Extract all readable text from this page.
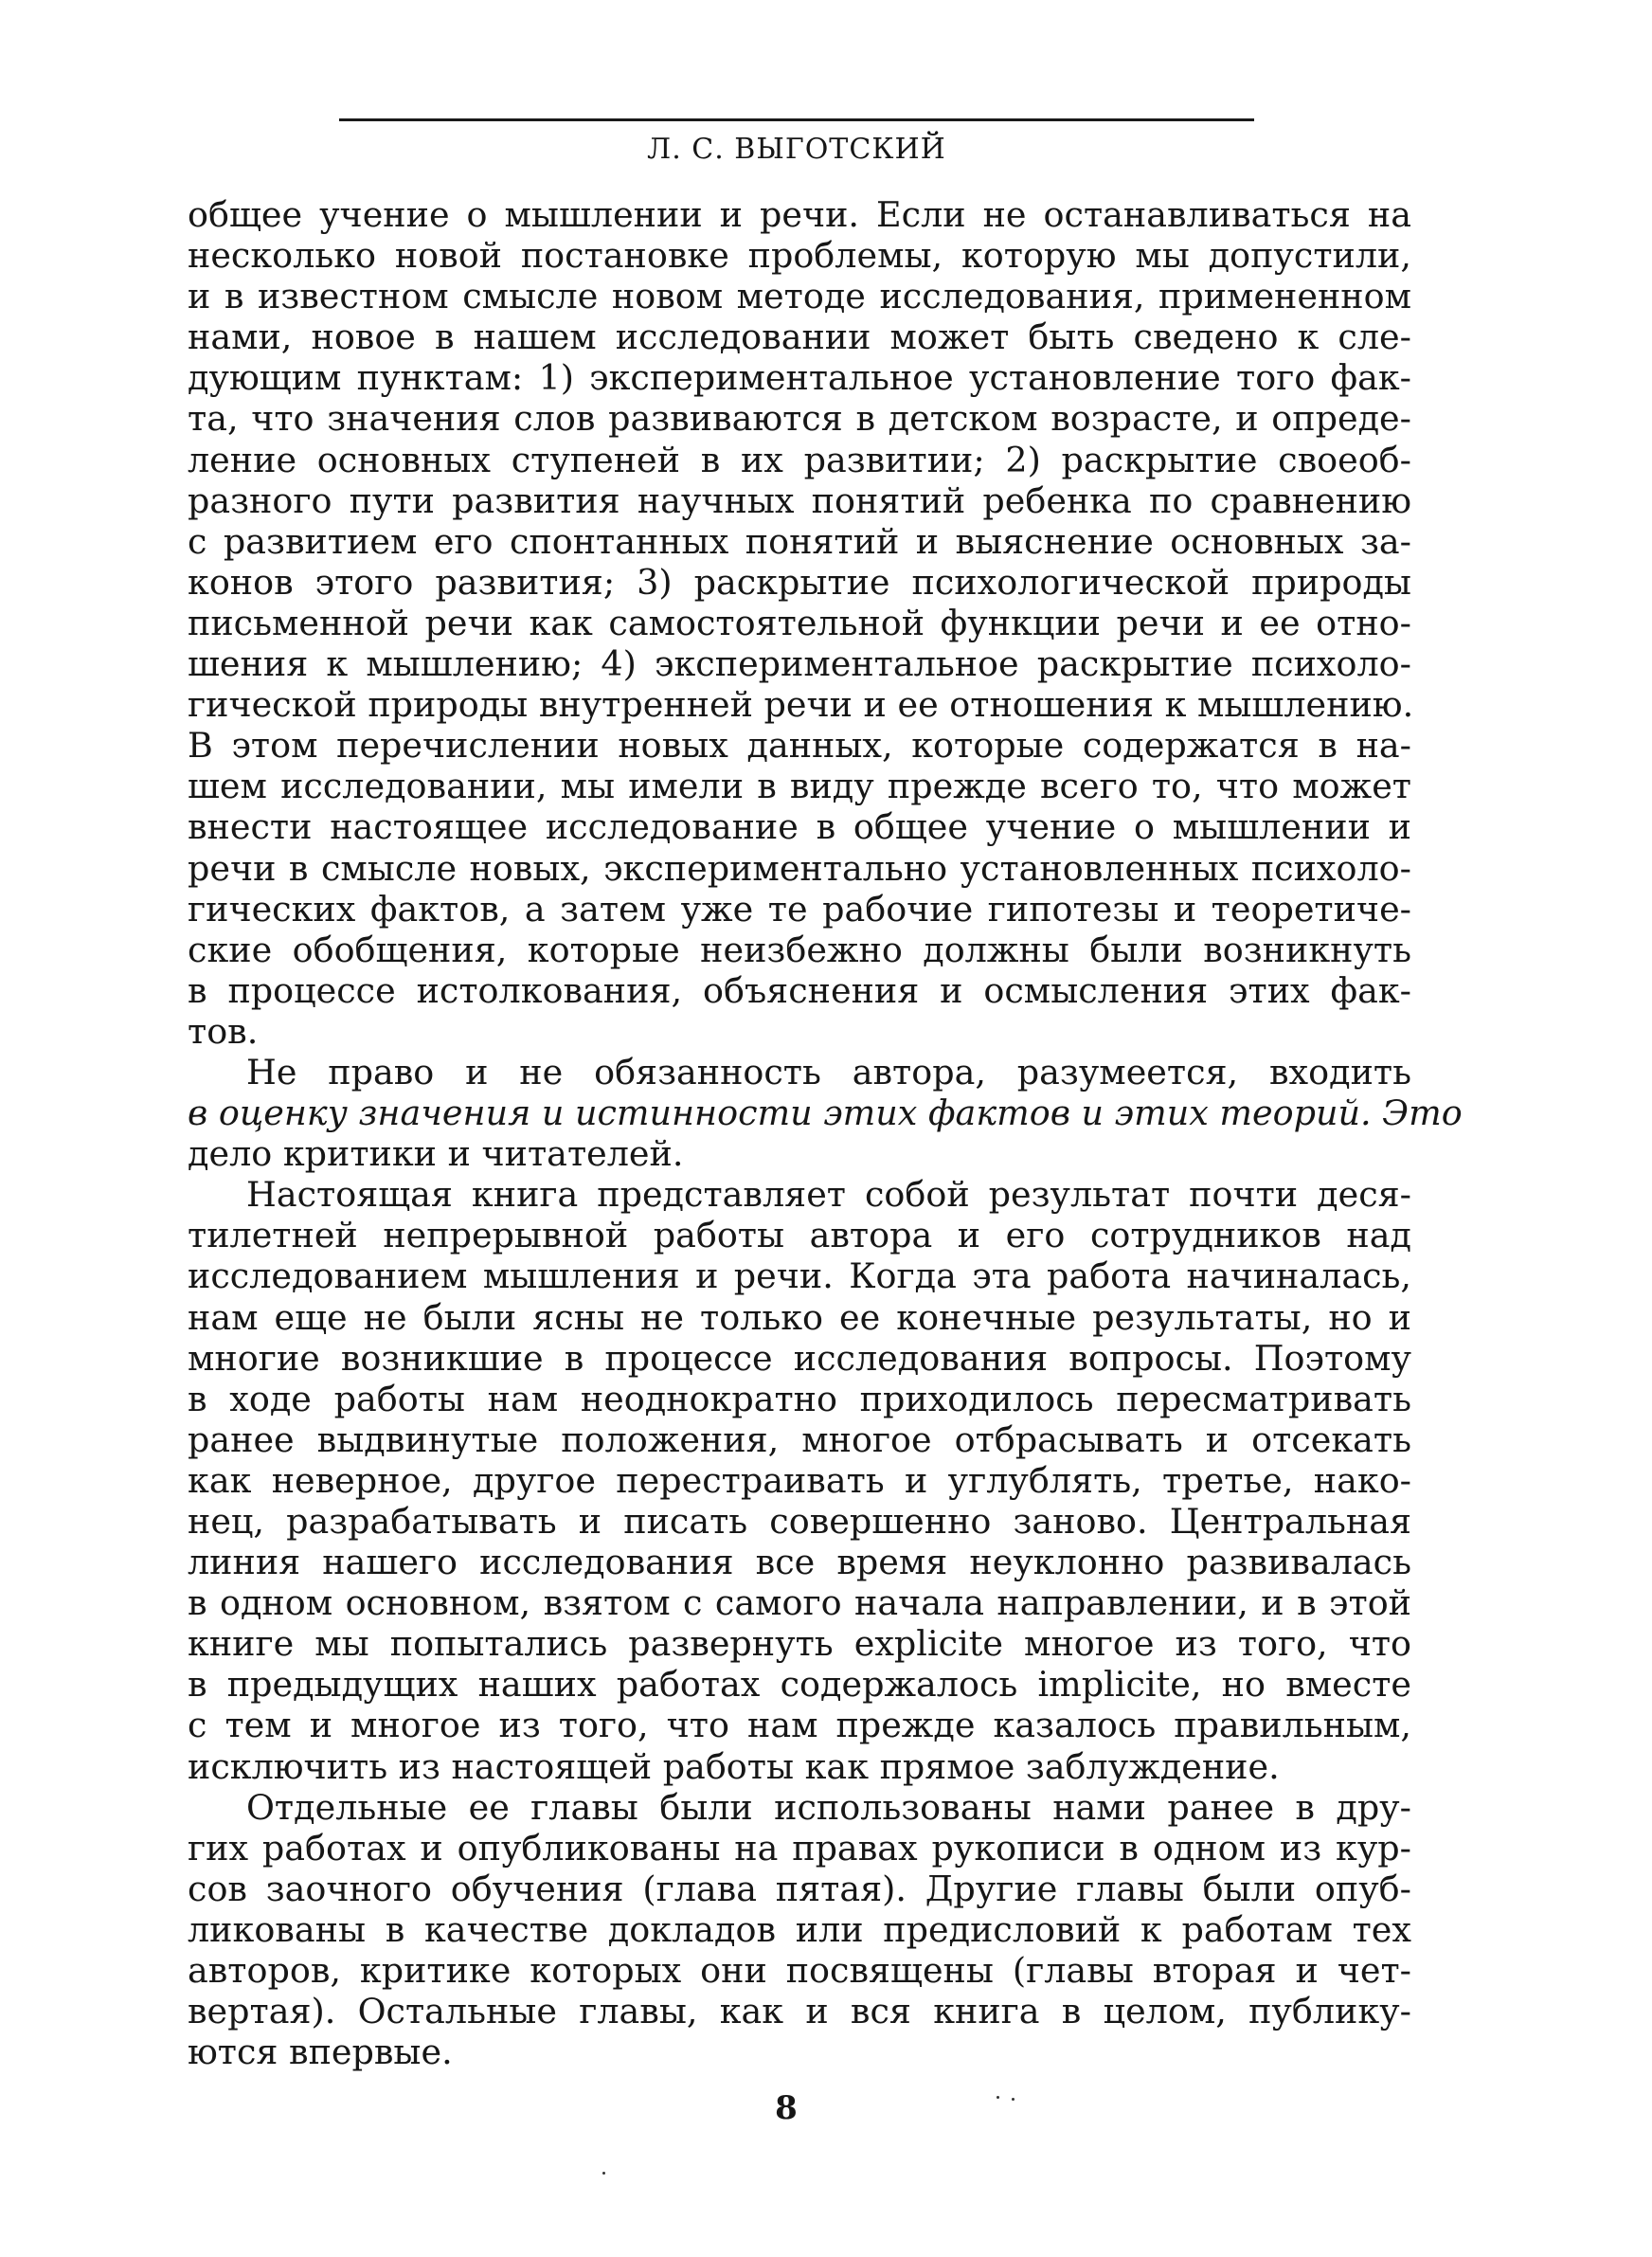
Л. С. ВЫГОТСКИЙ
общее учение о мышлении и речи. Если не останавливаться на
несколько новой постановке проблемы, которую мы допустили,
и в известном смысле новом методе исследования, примененном
нами, новое в нашем исследовании может быть сведено к сле-
дующим пунктам: 1) экспериментальное установление того фак-
та, что значения слов развиваются в детском возрасте, и опреде-
ление основных ступеней в их развитии; 2) раскрытие своеоб-
разного пути развития научных понятий ребенка по сравнению
с развитием его спонтанных понятий и выяснение основных за-
конов этого развития; 3) раскрытие психологической природы
письменной речи как самостоятельной функции речи и ее отно-
шения к мышлению; 4) экспериментальное раскрытие психоло-
гической природы внутренней речи и ее отношения к мышлению.
В этом перечислении новых данных, которые содержатся в на-
шем исследовании, мы имели в виду прежде всего то, что может
внести настоящее исследование в общее учение о мышлении и
речи в смысле новых, экспериментально установленных психоло-
гических фактов, а затем уже те рабочие гипотезы и теоретиче-
ские обобщения, которые неизбежно должны были возникнуть
в процессе истолкования, объяснения и осмысления этих фак-
тов.
Не право и не обязанность автора, разумеется, входить
в оценку значения и истинности этих фактов и этих теорий. Это
дело критики и читателей.
Настоящая книга представляет собой результат почти деся-
тилетней непрерывной работы автора и его сотрудников над
исследованием мышления и речи. Когда эта работа начиналась,
нам еще не были ясны не только ее конечные результаты, но и
многие возникшие в процессе исследования вопросы. Поэтому
в ходе работы нам неоднократно приходилось пересматривать
ранее выдвинутые положения, многое отбрасывать и отсекать
как неверное, другое перестраивать и углублять, третье, нако-
нец, разрабатывать и писать совершенно заново. Центральная
линия нашего исследования все время неуклонно развивалась
в одном основном, взятом с самого начала направлении, и в этой
книге мы попытались развернуть explicite многое из того, что
в предыдущих наших работах содержалось implicite, но вместе
с тем и многое из того, что нам прежде казалось правильным,
исключить из настоящей работы как прямое заблуждение.
Отдельные ее главы были использованы нами ранее в дру-
гих работах и опубликованы на правах рукописи в одном из кур-
сов заочного обучения (глава пятая). Другие главы были опуб-
ликованы в качестве докладов или предисловий к работам тех
авторов, критике которых они посвящены (главы вторая и чет-
вертая). Остальные главы, как и вся книга в целом, публику-
ются впервые.
8
